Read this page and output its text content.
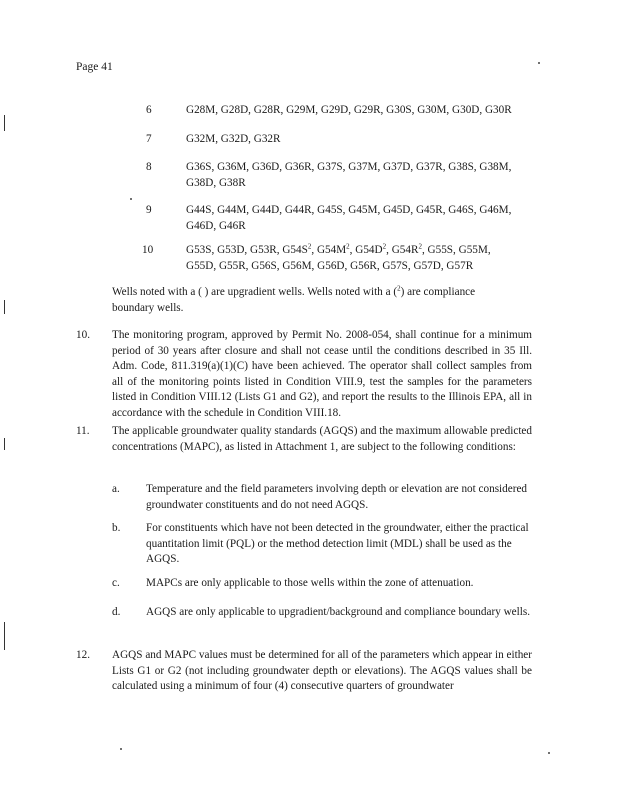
Page 41
6	G28M, G28D, G28R, G29M, G29D, G29R, G30S, G30M, G30D, G30R
7	G32M, G32D, G32R
8	G36S, G36M, G36D, G36R, G37S, G37M, G37D, G37R, G38S, G38M,
G38D, G38R
9	G44S, G44M, G44D, G44R, G45S, G45M, G45D, G45R, G46S, G46M,
G46D, G46R
10	G53S, G53D, G53R, $G54S^2$, $G54M^2$, $G54D^2$, $G54R^2$, G55S, G55M,
G55D, G55R, G56S, G56M, G56D, G56R, G57S, G57D, G57R
Wells noted with a ( ) are upgradient wells. Wells noted with a ($^2$) are compliance
boundary wells.
10. The monitoring program, approved by Permit No. 2008-054, shall continue for a minimum period of 30 years after closure and shall not cease until the conditions described in 35 Ill. Adm. Code, 811.319(a)(1)(C) have been achieved. The operator shall collect samples from all of the monitoring points listed in Condition VIII.9, test the samples for the parameters listed in Condition VIII.12 (Lists G1 and G2), and report the results to the Illinois EPA, all in accordance with the schedule in Condition VIII.18.
11. The applicable groundwater quality standards (AGQS) and the maximum allowable predicted concentrations (MAPC), as listed in Attachment 1, are subject to the following conditions:
a. Temperature and the field parameters involving depth or elevation are not considered groundwater constituents and do not need AGQS.
b. For constituents which have not been detected in the groundwater, either the practical quantitation limit (PQL) or the method detection limit (MDL) shall be used as the AGQS.
c. MAPCs are only applicable to those wells within the zone of attenuation.
d. AGQS are only applicable to upgradient/background and compliance boundary wells.
12. AGQS and MAPC values must be determined for all of the parameters which appear in either Lists G1 or G2 (not including groundwater depth or elevations). The AGQS values shall be calculated using a minimum of four (4) consecutive quarters of groundwater
